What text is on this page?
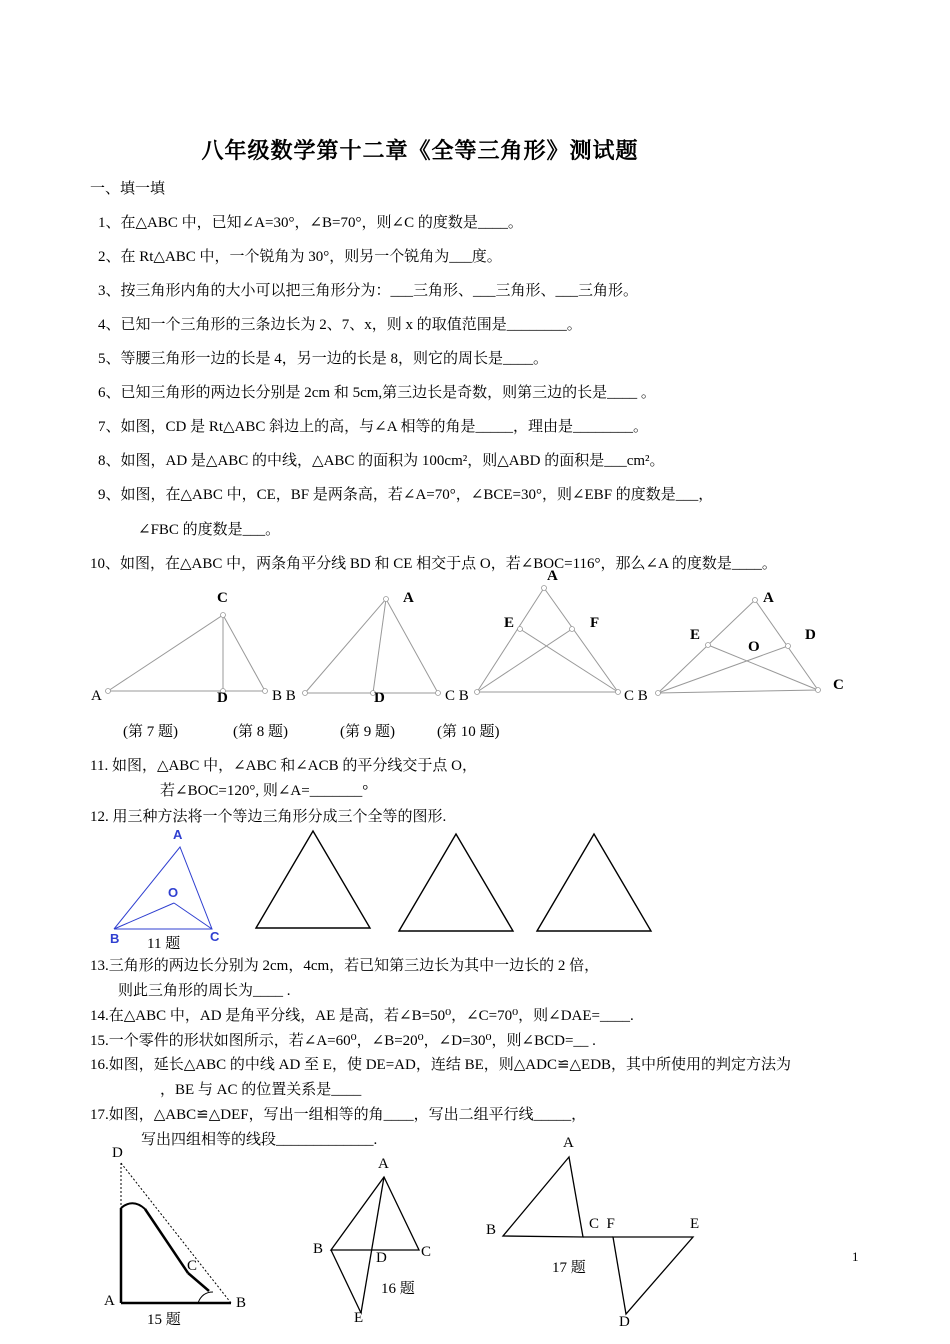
八年级数学第十二章《全等三角形》测试题
一、填一填
1、在△ABC 中，已知∠A=30°，∠B=70°，则∠C 的度数是____。
2、在 Rt△ABC 中，一个锐角为 30°，则另一个锐角为___度。
3、按三角形内角的大小可以把三角形分为：___三角形、___三角形、___三角形。
4、已知一个三角形的三条边长为 2、7、x，则 x 的取值范围是________。
5、等腰三角形一边的长是 4，另一边的长是 8，则它的周长是____。
6、已知三角形的两边长分别是 2cm 和 5cm,第三边长是奇数，则第三边的长是____ 。
7、如图，CD 是 Rt△ABC 斜边上的高，与∠A 相等的角是_____，理由是________。
8、如图，AD 是△ABC 的中线，△ABC 的面积为 100cm²，则△ABD 的面积是___cm²。
9、如图，在△ABC 中，CE，BF 是两条高，若∠A=70°，∠BCE=30°，则∠EBF 的度数是___，
∠FBC 的度数是___。
10、如图，在△ABC 中，两条角平分线 BD 和 CE 相交于点 O，若∠BOC=116°，那么∠A 的度数是____。
A
C
D	B B
A
D	C B
A
E	F
C B
A
E
O
D
C
(第 7 题)	(第 8 题)	(第 9 题)	(第 10 题)
11. 如图，△ABC 中，∠ABC 和∠ACB 的平分线交于点 O，
若∠BOC=120°, 则∠A=_______°
12. 用三种方法将一个等边三角形分成三个全等的图形.
A
O
B	C
11 题
13.三角形的两边长分别为 2cm，4cm，若已知第三边长为其中一边长的 2 倍，
则此三角形的周长为____ .
14.在△ABC 中，AD 是角平分线，AE 是高，若∠B=50⁰，∠C=70⁰，则∠DAE=____.
15.一个零件的形状如图所示，若∠A=60⁰，∠B=20⁰，∠D=30⁰，则∠BCD=__ .
16.如图，延长△ABC 的中线 AD 至 E，使 DE=AD，连结 BE，则△ADC≌△EDB，其中所使用的判定方法为
，BE 与 AC 的位置关系是____
17.如图，△ABC≌△DEF，写出一组相等的角____，写出二组平行线_____，
写出四组相等的线段_____________.
D
C
A	B
15 题
A
B
D C
16 题
E
A
B	C  F	E
17 题
D
1
